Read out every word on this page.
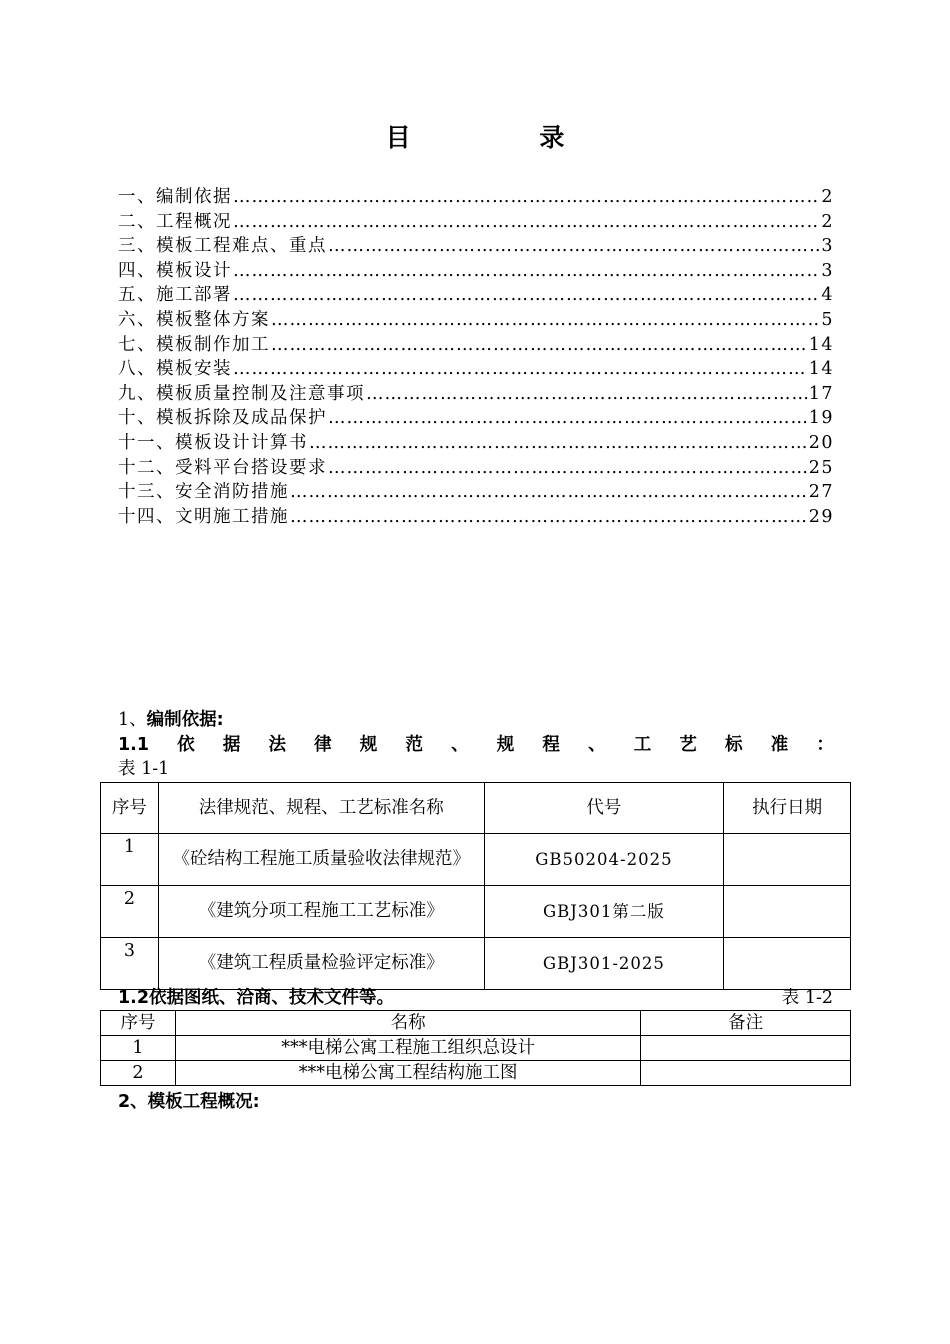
目 录
一、编制依据 …………………………………………………………………………………………………………………………………………………………………………………………	2
二、工程概况 …………………………………………………………………………………………………………………………………………………………………………………………	2
三、模板工程难点、重点 …………………………………………………………………………………………………………………………………………………………………………………………	3
四、模板设计 …………………………………………………………………………………………………………………………………………………………………………………………	3
五、施工部署 …………………………………………………………………………………………………………………………………………………………………………………………	4
六、模板整体方案 …………………………………………………………………………………………………………………………………………………………………………………………	5
七、模板制作加工 …………………………………………………………………………………………………………………………………………………………………………………………	14
八、模板安装 …………………………………………………………………………………………………………………………………………………………………………………………	14
九、模板质量控制及注意事项 …………………………………………………………………………………………………………………………………………………………………………………………	17
十、模板拆除及成品保护 …………………………………………………………………………………………………………………………………………………………………………………………	19
十一、模板设计计算书 …………………………………………………………………………………………………………………………………………………………………………………………	20
十二、受料平台搭设要求 …………………………………………………………………………………………………………………………………………………………………………………………	25
十三、安全消防措施 …………………………………………………………………………………………………………………………………………………………………………………………	27
十四、文明施工措施 …………………………………………………………………………………………………………………………………………………………………………………………	29
1、编制依据:
1.1 依 据 法 律 规 范 、 规 程 、 工 艺 标 准 ：
表 1-1
序号	法律规范、规程、工艺标准名称	代号	执行日期
1	《砼结构工程施工质量验收法律规范》	GB50204-2025	
2	《建筑分项工程施工工艺标准》	GBJ301第二版	
3	《建筑工程质量检验评定标准》	GBJ301-2025	
1.2依据图纸、洽商、技术文件等。	表 1-2
序号	名称	备注
1	***电梯公寓工程施工组织总设计	
2	***电梯公寓工程结构施工图	
2、模板工程概况:
